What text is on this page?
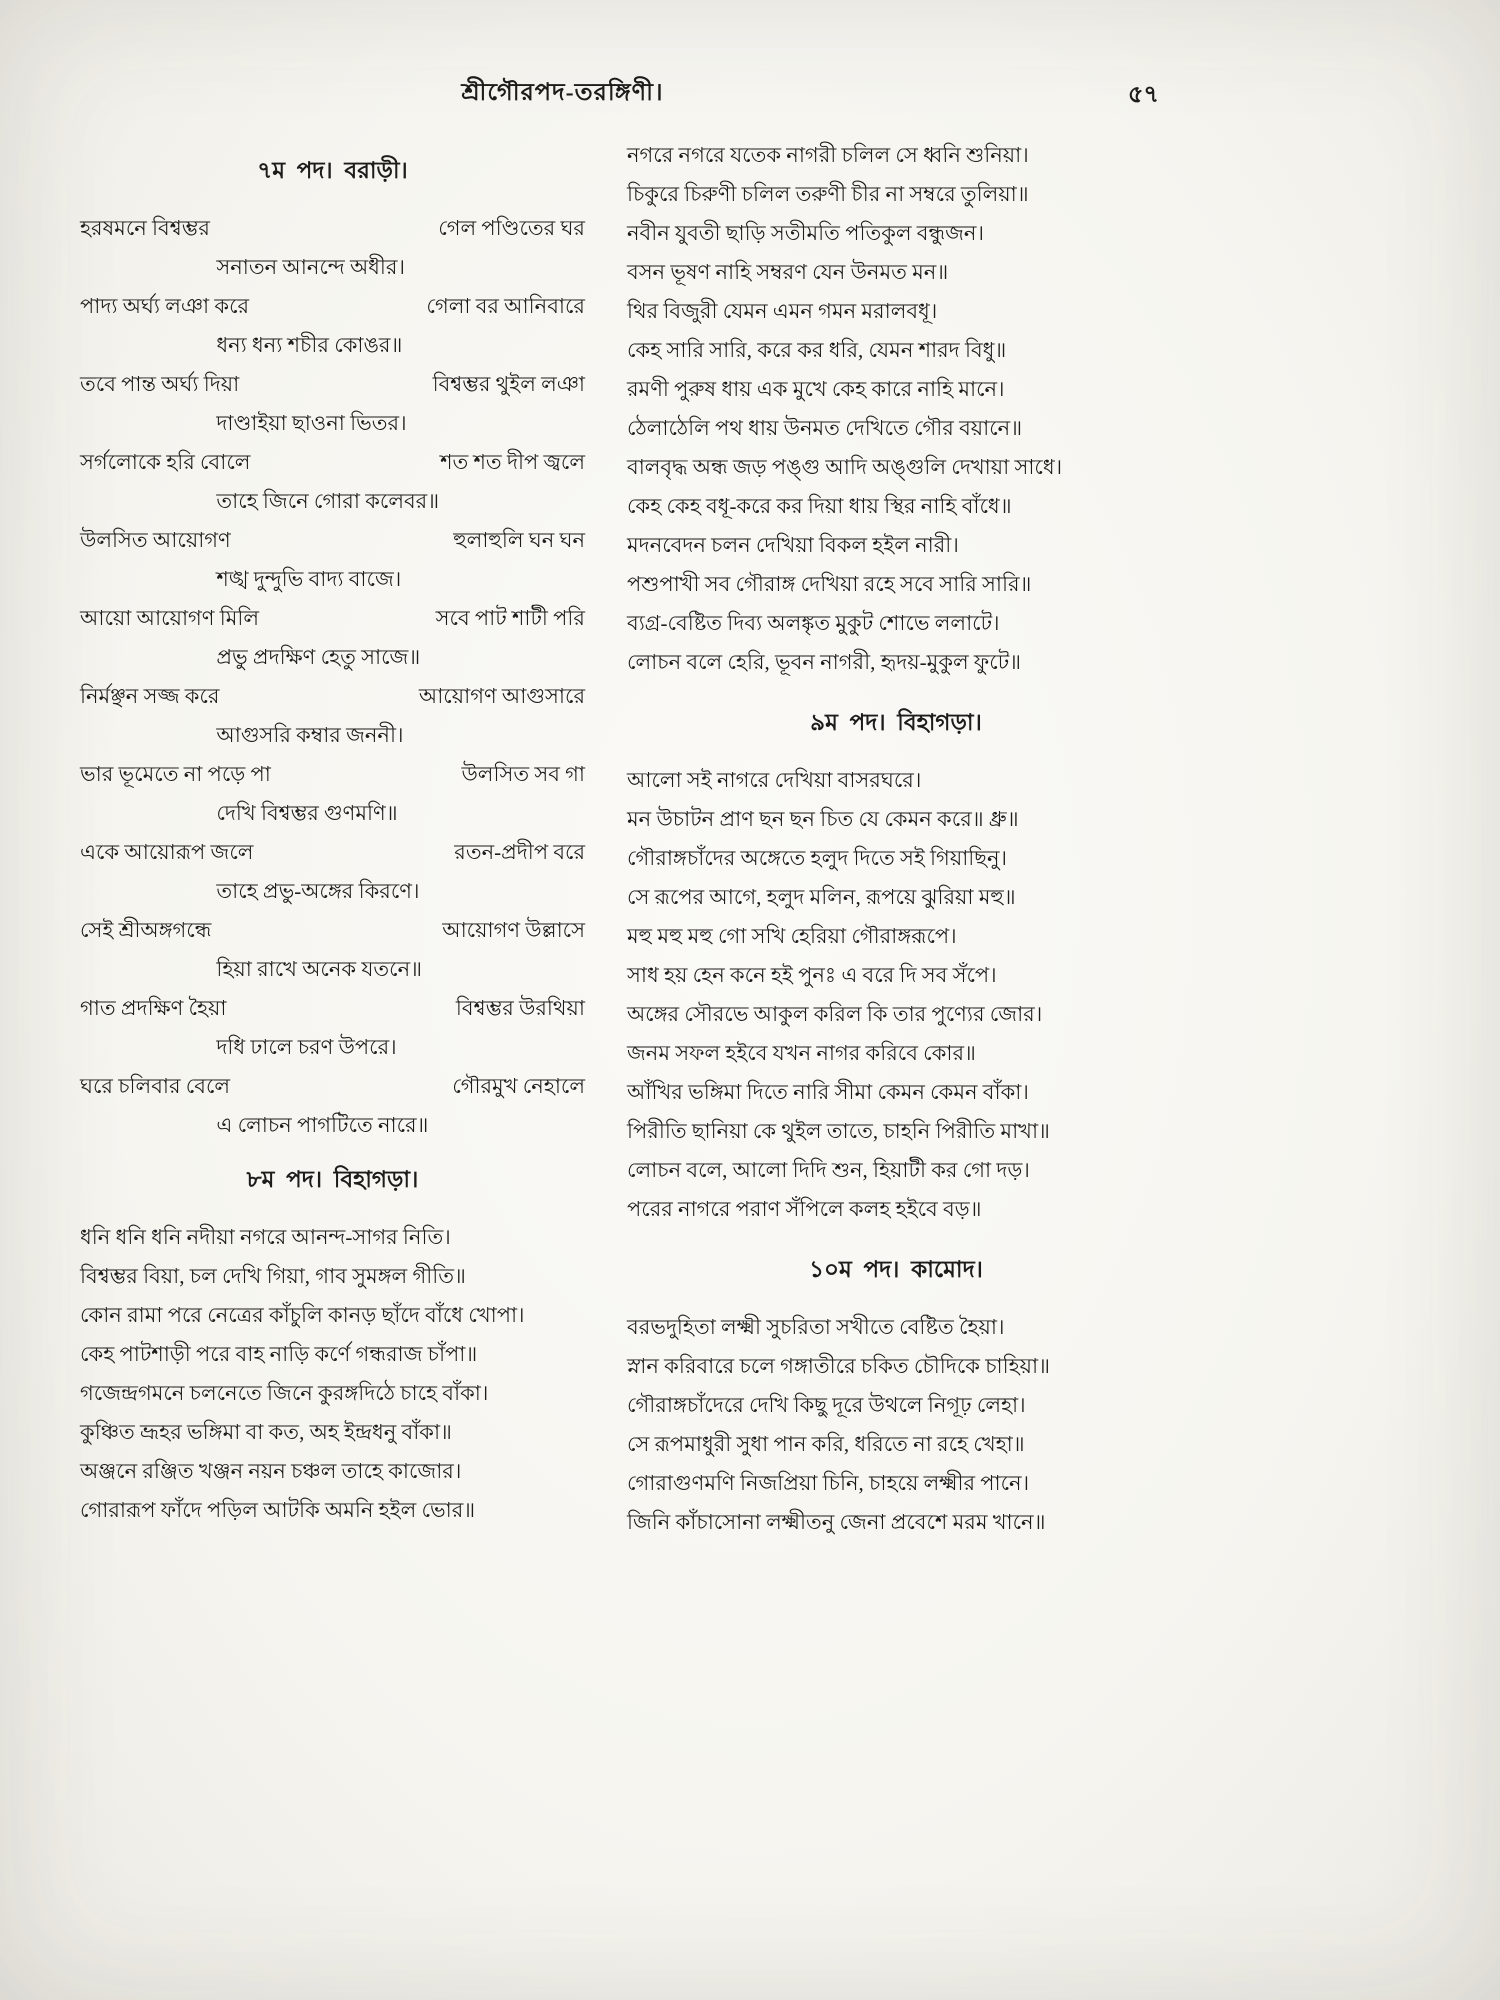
শ্রীগৌরপদ-তরঙ্গিণী।	৫৭
৭ম পদ। বরাড়ী।
হরষমনে বিশ্বম্ভর	গেল পণ্ডিতের ঘর
সনাতন আনন্দে অধীর।
পাদ্য অর্ঘ্য লঞা করে	গেলা বর আনিবারে
ধন্য ধন্য শচীর কোঙর॥
তবে পান্ত অর্ঘ্য দিয়া	বিশ্বম্ভর থুইল লঞা
দাণ্ডাইয়া ছাওনা ভিতর।
সর্গলোকে হরি বোলে	শত শত দীপ জ্বলে
তাহে জিনে গোরা কলেবর॥
উলসিত আয়োগণ	হুলাহুলি ঘন ঘন
শঙ্খ দুন্দুভি বাদ্য বাজে।
আয়ো আয়োগণ মিলি	সবে পাট শাটী পরি
প্রভু প্রদক্ষিণ হেতু সাজে॥
নির্মঞ্ছন সজ্জ করে	আয়োগণ আগুসারে
আগুসরি কম্বার জননী।
ভার ভূমেতে না পড়ে পা	উলসিত সব গা
দেখি বিশ্বম্ভর গুণমণি॥
একে আয়োরূপ জলে	রতন-প্রদীপ বরে
তাহে প্রভু-অঙ্গের কিরণে।
সেই শ্রীঅঙ্গগন্ধে	আয়োগণ উল্লাসে
হিয়া রাখে অনেক যতনে॥
গাত প্রদক্ষিণ হৈয়া	বিশ্বম্ভর উরথিয়া
দধি ঢালে চরণ উপরে।
ঘরে চলিবার বেলে	গৌরমুখ নেহালে
এ লোচন পাগটিতে নারে॥
৮ম পদ। বিহাগড়া।
ধনি ধনি ধনি নদীয়া নগরে আনন্দ-সাগর নিতি।
বিশ্বম্ভর বিয়া, চল দেখি গিয়া, গাব সুমঙ্গল গীতি॥
কোন রামা পরে নেত্রের কাঁচুলি কানড় ছাঁদে বাঁধে খোপা।
কেহ পাটশাড়ী পরে বাহ নাড়ি কর্ণে গন্ধরাজ চাঁপা॥
গজেন্দ্রগমনে চলনেতে জিনে কুরঙ্গদিঠে চাহে বাঁকা।
কুঞ্চিত ভ্রূহর ভঙ্গিমা বা কত, অহ ইন্দ্রধনু বাঁকা॥
অঞ্জনে রঞ্জিত খঞ্জন নয়ন চঞ্চল তাহে কাজোর।
গোরারূপ ফাঁদে পড়িল আটকি অমনি হইল ভোর॥
নগরে নগরে যতেক নাগরী চলিল সে ধ্বনি শুনিয়া।
চিকুরে চিরুণী চলিল তরুণী চীর না সম্বরে তুলিয়া॥
নবীন যুবতী ছাড়ি সতীমতি পতিকুল বন্ধুজন।
বসন ভূষণ নাহি সম্বরণ যেন উনমত মন॥
থির বিজুরী যেমন এমন গমন মরালবধূ।
কেহ সারি সারি, করে কর ধরি, যেমন শারদ বিধু॥
রমণী পুরুষ ধায় এক মুখে কেহ কারে নাহি মানে।
ঠেলাঠেলি পথ ধায় উনমত দেখিতে গৌর বয়ানে॥
বালবৃদ্ধ অন্ধ জড় পঙ্গু আদি অঙ্গুলি দেখায়া সাধে।
কেহ কেহ বধূ-করে কর দিয়া ধায় স্থির নাহি বাঁধে॥
মদনবেদন চলন দেখিয়া বিকল হইল নারী।
পশুপাখী সব গৌরাঙ্গ দেখিয়া রহে সবে সারি সারি॥
ব্যগ্র-বেষ্টিত দিব্য অলঙ্কৃত মুকুট শোভে ললাটে।
লোচন বলে হেরি, ভূবন নাগরী, হৃদয়-মুকুল ফুটে॥
৯ম পদ। বিহাগড়া।
আলো সই নাগরে দেখিয়া বাসরঘরে।
মন উচাটন প্রাণ ছন ছন চিত যে কেমন করে॥ ধ্রু॥
গৌরাঙ্গচাঁদের অঙ্গেতে হলুদ দিতে সই গিয়াছিনু।
সে রূপের আগে, হলুদ মলিন, রূপয়ে ঝুরিয়া মহু॥
মহু মহু মহু গো সখি হেরিয়া গৌরাঙ্গরূপে।
সাধ হয় হেন কনে হই পুনঃ এ বরে দি সব সঁপে।
অঙ্গের সৌরভে আকুল করিল কি তার পুণ্যের জোর।
জনম সফল হইবে যখন নাগর করিবে কোর॥
আঁখির ভঙ্গিমা দিতে নারি সীমা কেমন কেমন বাঁকা।
পিরীতি ছানিয়া কে থুইল তাতে, চাহনি পিরীতি মাখা॥
লোচন বলে, আলো দিদি শুন, হিয়াটী কর গো দড়।
পরের নাগরে পরাণ সঁপিলে কলহ হইবে বড়॥
১০ম পদ। কামোদ।
বরভদুহিতা লক্ষ্মী সুচরিতা সখীতে বেষ্টিত হৈয়া।
স্নান করিবারে চলে গঙ্গাতীরে চকিত চৌদিকে চাহিয়া॥
গৌরাঙ্গচাঁদেরে দেখি কিছু দূরে উথলে নিগূঢ় লেহা।
সে রূপমাধুরী সুধা পান করি, ধরিতে না রহে খেহা॥
গোরাগুণমণি নিজপ্রিয়া চিনি, চাহয়ে লক্ষ্মীর পানে।
জিনি কাঁচাসোনা লক্ষ্মীতনু জেনা প্রবেশে মরম খানে॥
